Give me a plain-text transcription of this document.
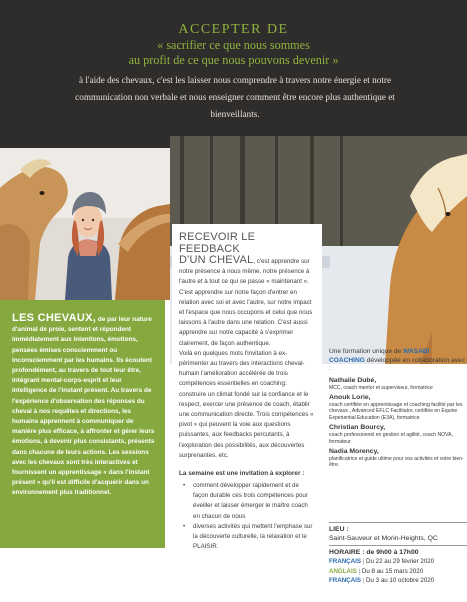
ACCEPTER DE
« sacrifier ce que nous sommes
au profit de ce que nous pouvons devenir »
à l'aide des chevaux, c'est les laisser nous comprendre à travers notre énergie et notre communication non verbale et nous enseigner comment être encore plus authentique et bienveillants.
LES CHEVAUX, de par leur nature d'animal de proie, sentent et répondent immédiatement aux intentions, émotions, pensées émises consciemment ou inconsciemment par les humains. Ils écoutent profondément, au travers de tout leur être, intégrant mental-corps-esprit et leur intelligence de l'instant présent. Au travers de l'expérience d'observation des réponses du cheval à nos requêtes et directions, les humains apprennent à communiquer de manière plus efficace, à affronter et gérer leurs émotions, à devenir plus consistants, présents dans chacune de leurs actions. Les sessions avec les chevaux sont très interactives et fournissent un apprentissage « dans l'instant présent » qu'il est difficile d'acquérir dans un environnement plus traditionnel.
RECEVOIR LE FEEDBACK
D'UN CHEVAL, c'est apprendre sur notre présence à nous même, notre présence à l'autre et à tout ce qui se passe « maintenant ». C'est apprendre sur notre façon d'entrer en relation avec soi et avec l'autre, sur notre impact et l'espace que nous occupons et celui que nous laissons à l'autre dans une relation. C'est aussi apprendre sur notre capacité à s'exprimer clairement, de façon authentique.
Voilà en quelques mots l'invitation à expérimenter au travers des interactions cheval-humain l'amélioration accélérée de trois compétences essentielles en coaching: construire un climat fondé sur la confiance et le respect, exercer une présence de coach, établir une communication directe. Trois compétences « pivot » qui peuvent la voie aux questions puissantes, aux feedbacks percutants, à l'exploration des possibilités, aux découvertes surprenantes, etc.
La semaine est une invitation à explorer :
• comment développer rapidement et de façon durable ces trois compétences pour éveiller et laisser émerger le maître coach en chacun de nous
• diverses activités qui mettent l'emphase sur la découverte culturelle, la relaxation et le PLAISIR.
Une formation unique de WASABI COACHING développée en collaboration avec :
Nathalie Dubé,
MCC, coach mentor et superviseur, formatrice
Anouk Lorie,
coach certifiée en apprentissage et coaching facilité par les chevaux , Advanced EFLC Facilitator, certifiée en Equine Experiential Education (E3A), formatrice
Christian Bourcy,
coach professionnel en gestion et agilité, coach NOVA, formateur
Nadia Morency,
planificatrice et guide ultime pour vos activités et votre bien-être.
LIEU :
Saint-Sauveur et Morin-Heights, QC
HORAIRE : de 9h00 à 17h00
FRANÇAIS | Du 22 au 29 février 2020
ANGLAIS | Du 8 au 15 mars 2020
FRANÇAIS | Du 3 au 10 octobre 2020
